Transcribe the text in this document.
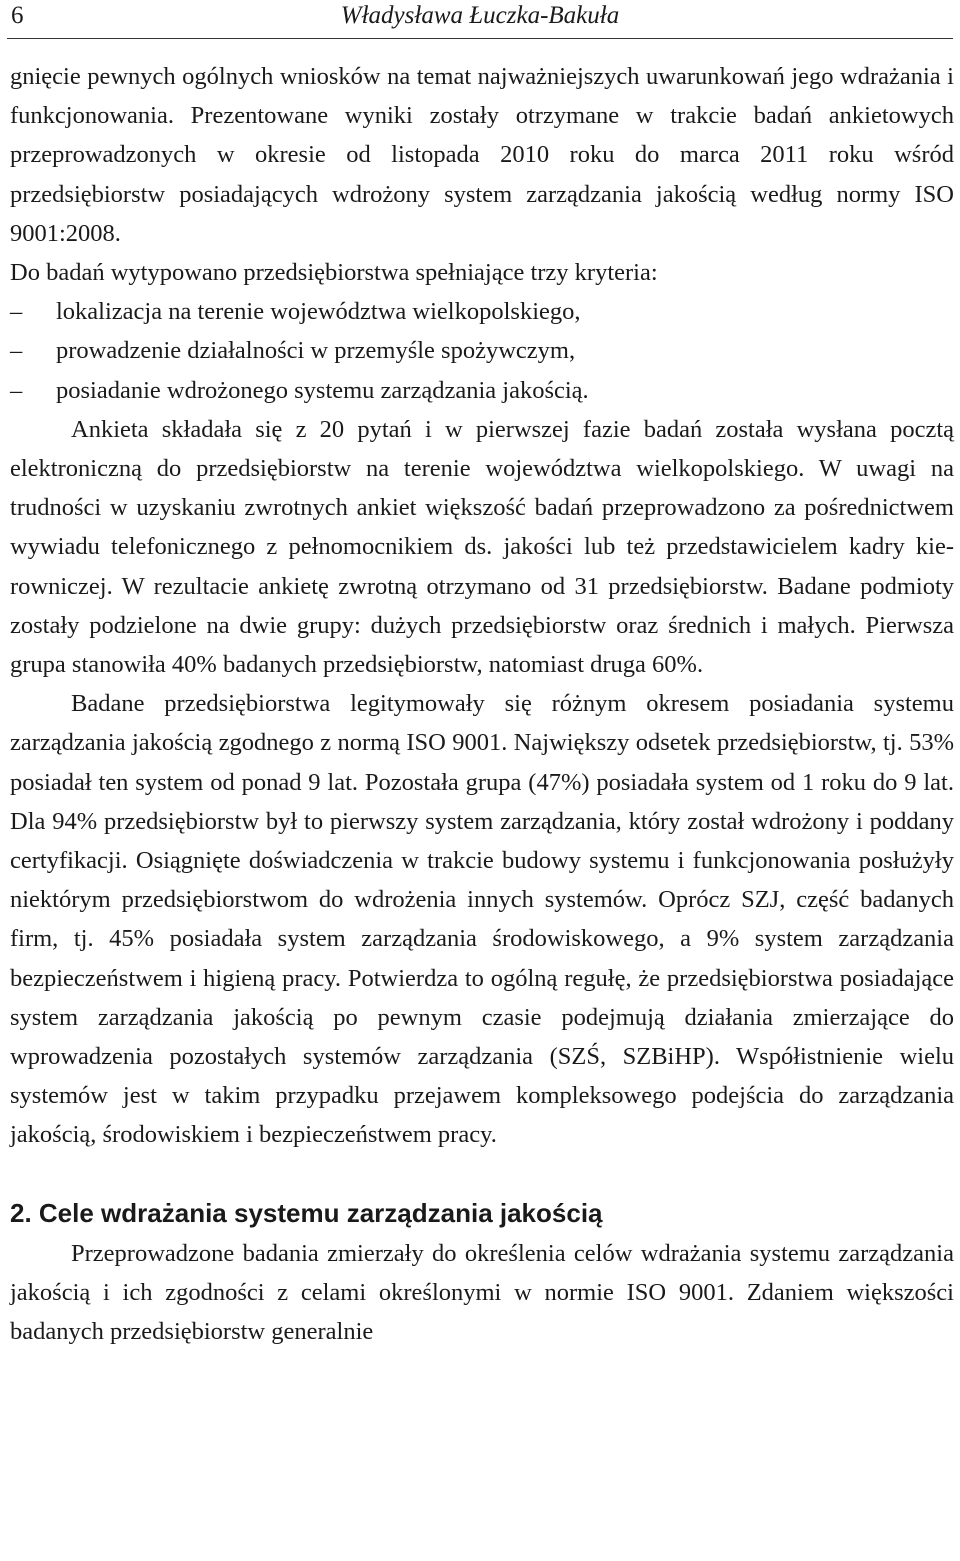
6	Władysława Łuczka-Bakuła

gnięcie pewnych ogólnych wniosków na temat najważniejszych uwarunkowań jego wdrażania i funkcjonowania. Prezentowane wyniki zostały otrzymane w trakcie badań ankietowych przeprowadzonych w okresie od listopada 2010 roku do marca 2011 roku wśród przedsiębiorstw posiadających wdrożony system zarządzania jakością według normy ISO 9001:2008.

Do badań wytypowano przedsiębiorstwa spełniające trzy kryteria:

–	lokalizacja na terenie województwa wielkopolskiego,
–	prowadzenie działalności w przemyśle spożywczym,
–	posiadanie wdrożonego systemu zarządzania jakością.

Ankieta składała się z 20 pytań i w pierwszej fazie badań została wysłana pocztą elektroniczną do przedsiębiorstw na terenie województwa wielkopolskiego. W uwagi na trudności w uzyskaniu zwrotnych ankiet większość badań przeprowadzono za pośrednictwem wywiadu telefonicznego z pełnomocnikiem ds. jakości lub też przedstawicielem kadry kierowniczej. W rezultacie ankietę zwrotną otrzymano od 31 przedsiębiorstw. Badane podmioty zostały podzielone na dwie grupy: dużych przedsiębiorstw oraz średnich i małych. Pierwsza grupa stanowiła 40% badanych przedsiębiorstw, natomiast druga 60%.

Badane przedsiębiorstwa legitymowały się różnym okresem posiadania systemu zarządzania jakością zgodnego z normą ISO 9001. Największy odsetek przedsiębiorstw, tj. 53% posiadał ten system od ponad 9 lat. Pozostała grupa (47%) posiadała system od 1 roku do 9 lat. Dla 94% przedsiębiorstw był to pierwszy system zarządzania, który został wdrożony i poddany certyfikacji. Osiągnięte doświadczenia w trakcie budowy systemu i funkcjonowania posłużyły niektórym przedsiębiorstwom do wdrożenia innych systemów. Oprócz SZJ, część badanych firm, tj. 45% posiadała system zarządzania środowiskowego, a 9% system zarządzania bezpieczeństwem i higieną pracy. Potwierdza to ogólną regułę, że przedsiębiorstwa posiadające system zarządzania jakością po pewnym czasie podejmują działania zmierzające do wprowadzenia pozostałych systemów zarządzania (SZŚ, SZBiHP). Współistnienie wielu systemów jest w takim przypadku przejawem kompleksowego podejścia do zarządzania jakością, środowiskiem i bezpieczeństwem pracy.

2. Cele wdrażania systemu zarządzania jakością

Przeprowadzone badania zmierzały do określenia celów wdrażania systemu zarządzania jakością i ich zgodności z celami określonymi w normie ISO 9001. Zdaniem większości badanych przedsiębiorstw generalnie
